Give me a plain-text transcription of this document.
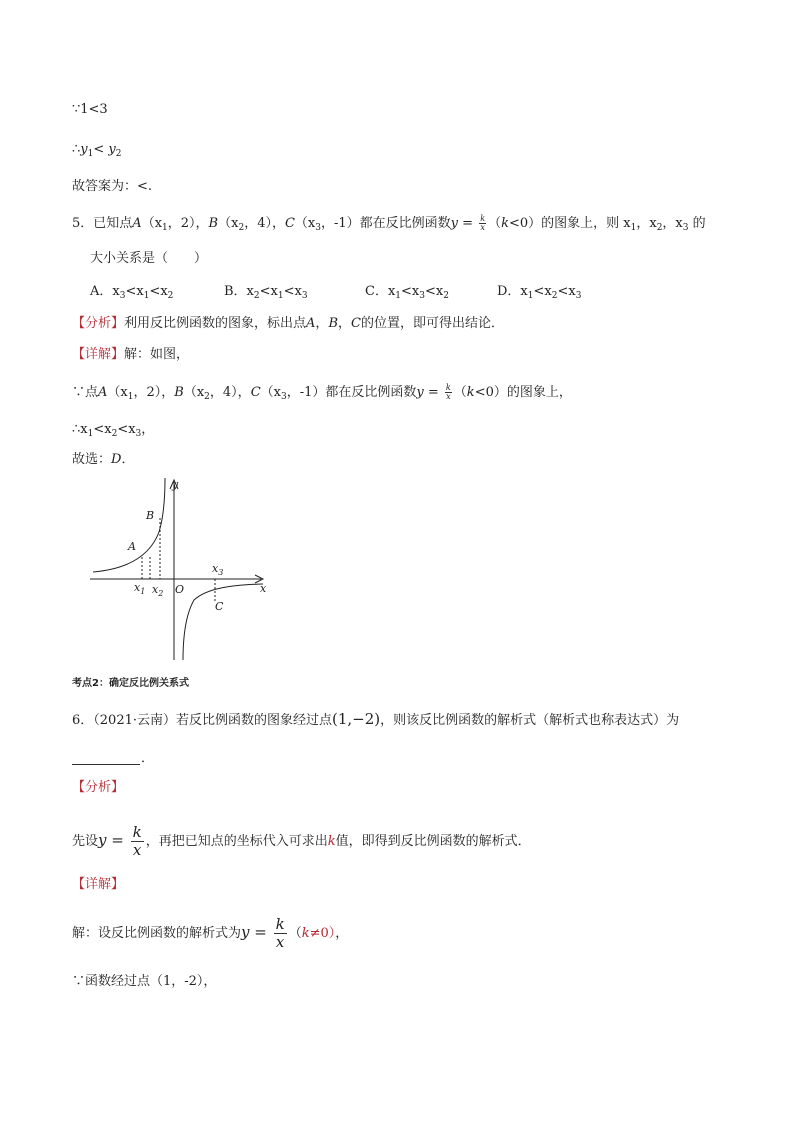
∵1<3
$\therefore y_1< y_2$
故答案为：<.
5．已知点$A(x_1$，2），$B(x_2$，4），$C(x_3$，-1）都在反比例函数$y = \frac{k}{x} (k<0)$的图象上，则 $x_1$，$x_2$，$x_3$ 的
大小关系是（　　）
A．$x_3<x_1<x_2$	B．$x_2<x_1<x_3$	C．$x_1<x_3<x_2$	D．$x_1<x_2<x_3$
【分析】利用反比例函数的图象，标出点A，B，C的位置，即可得出结论．
【详解】解：如图，
∵点$A(x_1$，2），$B(x_2$，4），$C(x_3$，-1）都在反比例函数$y = \frac{k}{x} (k<0)$的图象上，
$\therefore x_1<x_2<x_3$，
故选：D．
y
x
O
B
A
C
$x_1$ $x_2$
$x_3$
考点2：确定反比例关系式
6．（2021·云南）若反比例函数的图象经过点(1,−2)，则该反比例函数的解析式（解析式也称表达式）为
．
【分析】
先设$y = \frac{k}{x}$ ，再把已知点的坐标代入可求出k值，即得到反比例函数的解析式．
【详解】
解：设反比例函数的解析式为$y = \frac{k}{x} (k\ne 0)$，
∵函数经过点（1，-2），
